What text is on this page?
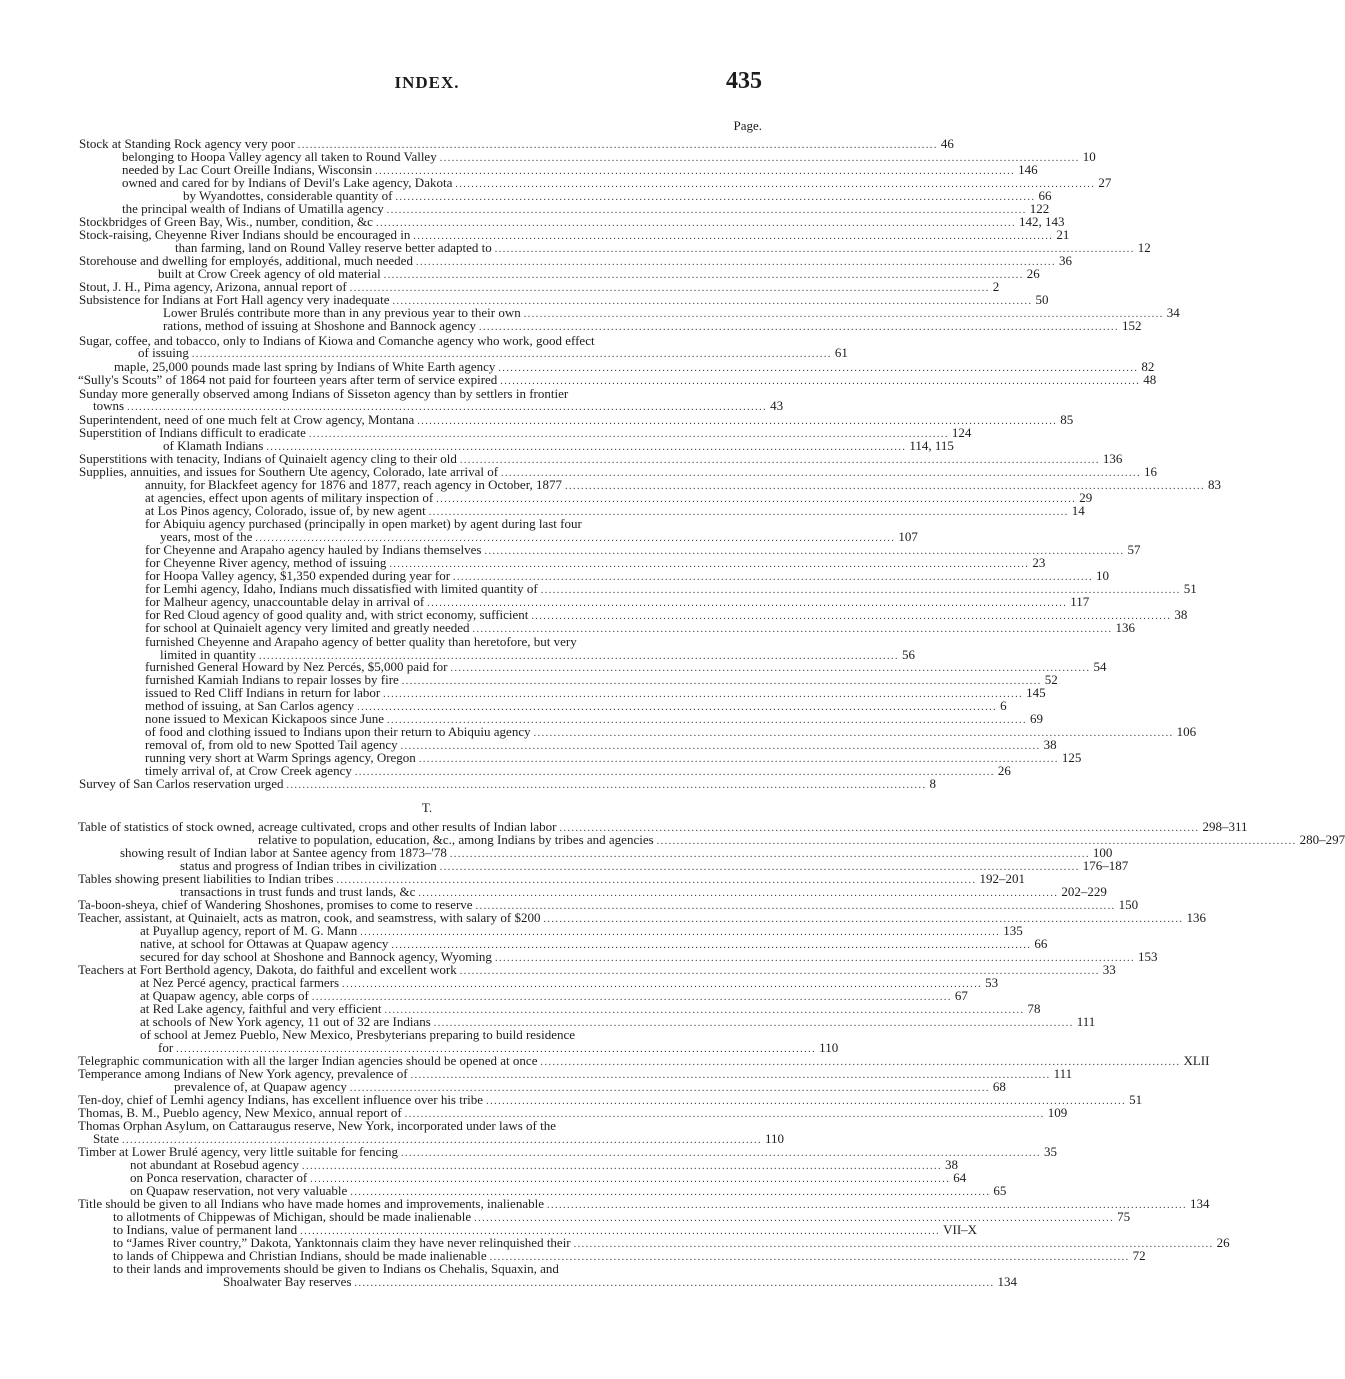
INDEX.	435
Page.
T.
Stock at Standing Rock agency very poor ................................................................................................................................................................ 46
belonging to Hoopa Valley agency all taken to Round Valley ................................................................................................................................................................ 10
needed by Lac Court Oreille Indians, Wisconsin ................................................................................................................................................................ 146
owned and cared for by Indians of Devil's Lake agency, Dakota ................................................................................................................................................................ 27
by Wyandottes, considerable quantity of ................................................................................................................................................................ 66
the principal wealth of Indians of Umatilla agency ................................................................................................................................................................ 122
Stockbridges of Green Bay, Wis., number, condition, &c ................................................................................................................................................................ 142, 143
Stock-raising, Cheyenne River Indians should be encouraged in ................................................................................................................................................................ 21
than farming, land on Round Valley reserve better adapted to ................................................................................................................................................................ 12
Storehouse and dwelling for employés, additional, much needed ................................................................................................................................................................ 36
built at Crow Creek agency of old material ................................................................................................................................................................ 26
Stout, J. H., Pima agency, Arizona, annual report of ................................................................................................................................................................ 2
Subsistence for Indians at Fort Hall agency very inadequate ................................................................................................................................................................ 50
Lower Brulés contribute more than in any previous year to their own ................................................................................................................................................................ 34
rations, method of issuing at Shoshone and Bannock agency ................................................................................................................................................................ 152
Sugar, coffee, and tobacco, only to Indians of Kiowa and Comanche agency who work, good effect
of issuing ................................................................................................................................................................ 61
maple, 25,000 pounds made last spring by Indians of White Earth agency ................................................................................................................................................................ 82
“Sully's Scouts” of 1864 not paid for fourteen years after term of service expired ................................................................................................................................................................ 48
Sunday more generally observed among Indians of Sisseton agency than by settlers in frontier
towns ................................................................................................................................................................ 43
Superintendent, need of one much felt at Crow agency, Montana ................................................................................................................................................................ 85
Superstition of Indians difficult to eradicate ................................................................................................................................................................ 124
of Klamath Indians ................................................................................................................................................................ 114, 115
Superstitions with tenacity, Indians of Quinaielt agency cling to their old ................................................................................................................................................................ 136
Supplies, annuities, and issues for Southern Ute agency, Colorado, late arrival of ................................................................................................................................................................ 16
annuity, for Blackfeet agency for 1876 and 1877, reach agency in October, 1877 ................................................................................................................................................................ 83
at agencies, effect upon agents of military inspection of ................................................................................................................................................................ 29
at Los Pinos agency, Colorado, issue of, by new agent ................................................................................................................................................................ 14
for Abiquiu agency purchased (principally in open market) by agent during last four
years, most of the ................................................................................................................................................................ 107
for Cheyenne and Arapaho agency hauled by Indians themselves ................................................................................................................................................................ 57
for Cheyenne River agency, method of issuing ................................................................................................................................................................ 23
for Hoopa Valley agency, $1,350 expended during year for ................................................................................................................................................................ 10
for Lemhi agency, Idaho, Indians much dissatisfied with limited quantity of ................................................................................................................................................................ 51
for Malheur agency, unaccountable delay in arrival of ................................................................................................................................................................ 117
for Red Cloud agency of good quality and, with strict economy, sufficient ................................................................................................................................................................ 38
for school at Quinaielt agency very limited and greatly needed ................................................................................................................................................................ 136
furnished Cheyenne and Arapaho agency of better quality than heretofore, but very
limited in quantity ................................................................................................................................................................ 56
furnished General Howard by Nez Percés, $5,000 paid for ................................................................................................................................................................ 54
furnished Kamiah Indians to repair losses by fire ................................................................................................................................................................ 52
issued to Red Cliff Indians in return for labor ................................................................................................................................................................ 145
method of issuing, at San Carlos agency ................................................................................................................................................................ 6
none issued to Mexican Kickapoos since June ................................................................................................................................................................ 69
of food and clothing issued to Indians upon their return to Abiquiu agency ................................................................................................................................................................ 106
removal of, from old to new Spotted Tail agency ................................................................................................................................................................ 38
running very short at Warm Springs agency, Oregon ................................................................................................................................................................ 125
timely arrival of, at Crow Creek agency ................................................................................................................................................................ 26
Survey of San Carlos reservation urged ................................................................................................................................................................ 8
Table of statistics of stock owned, acreage cultivated, crops and other results of Indian labor ................................................................................................................................................................ 298–311
relative to population, education, &c., among Indians by tribes and agencies ................................................................................................................................................................ 280–297
showing result of Indian labor at Santee agency from 1873–'78 ................................................................................................................................................................ 100
status and progress of Indian tribes in civilization ................................................................................................................................................................ 176–187
Tables showing present liabilities to Indian tribes ................................................................................................................................................................ 192–201
transactions in trust funds and trust lands, &c ................................................................................................................................................................ 202–229
Ta-boon-sheya, chief of Wandering Shoshones, promises to come to reserve ................................................................................................................................................................ 150
Teacher, assistant, at Quinaielt, acts as matron, cook, and seamstress, with salary of $200 ................................................................................................................................................................ 136
at Puyallup agency, report of M. G. Mann ................................................................................................................................................................ 135
native, at school for Ottawas at Quapaw agency ................................................................................................................................................................ 66
secured for day school at Shoshone and Bannock agency, Wyoming ................................................................................................................................................................ 153
Teachers at Fort Berthold agency, Dakota, do faithful and excellent work ................................................................................................................................................................ 33
at Nez Percé agency, practical farmers ................................................................................................................................................................ 53
at Quapaw agency, able corps of ................................................................................................................................................................ 67
at Red Lake agency, faithful and very efficient ................................................................................................................................................................ 78
at schools of New York agency, 11 out of 32 are Indians ................................................................................................................................................................ 111
of school at Jemez Pueblo, New Mexico, Presbyterians preparing to build residence
for ................................................................................................................................................................ 110
Telegraphic communication with all the larger Indian agencies should be opened at once ................................................................................................................................................................ XLII
Temperance among Indians of New York agency, prevalence of ................................................................................................................................................................ 111
prevalence of, at Quapaw agency ................................................................................................................................................................ 68
Ten-doy, chief of Lemhi agency Indians, has excellent influence over his tribe ................................................................................................................................................................ 51
Thomas, B. M., Pueblo agency, New Mexico, annual report of ................................................................................................................................................................ 109
Thomas Orphan Asylum, on Cattaraugus reserve, New York, incorporated under laws of the
State ................................................................................................................................................................ 110
Timber at Lower Brulé agency, very little suitable for fencing ................................................................................................................................................................ 35
not abundant at Rosebud agency ................................................................................................................................................................ 38
on Ponca reservation, character of ................................................................................................................................................................ 64
on Quapaw reservation, not very valuable ................................................................................................................................................................ 65
Title should be given to all Indians who have made homes and improvements, inalienable ................................................................................................................................................................ 134
to allotments of Chippewas of Michigan, should be made inalienable ................................................................................................................................................................ 75
to Indians, value of permanent land ................................................................................................................................................................ VII–X
to “James River country,” Dakota, Yanktonnais claim they have never relinquished their ................................................................................................................................................................ 26
to lands of Chippewa and Christian Indians, should be made inalienable ................................................................................................................................................................ 72
to their lands and improvements should be given to Indians os Chehalis, Squaxin, and
Shoalwater Bay reserves ................................................................................................................................................................ 134
